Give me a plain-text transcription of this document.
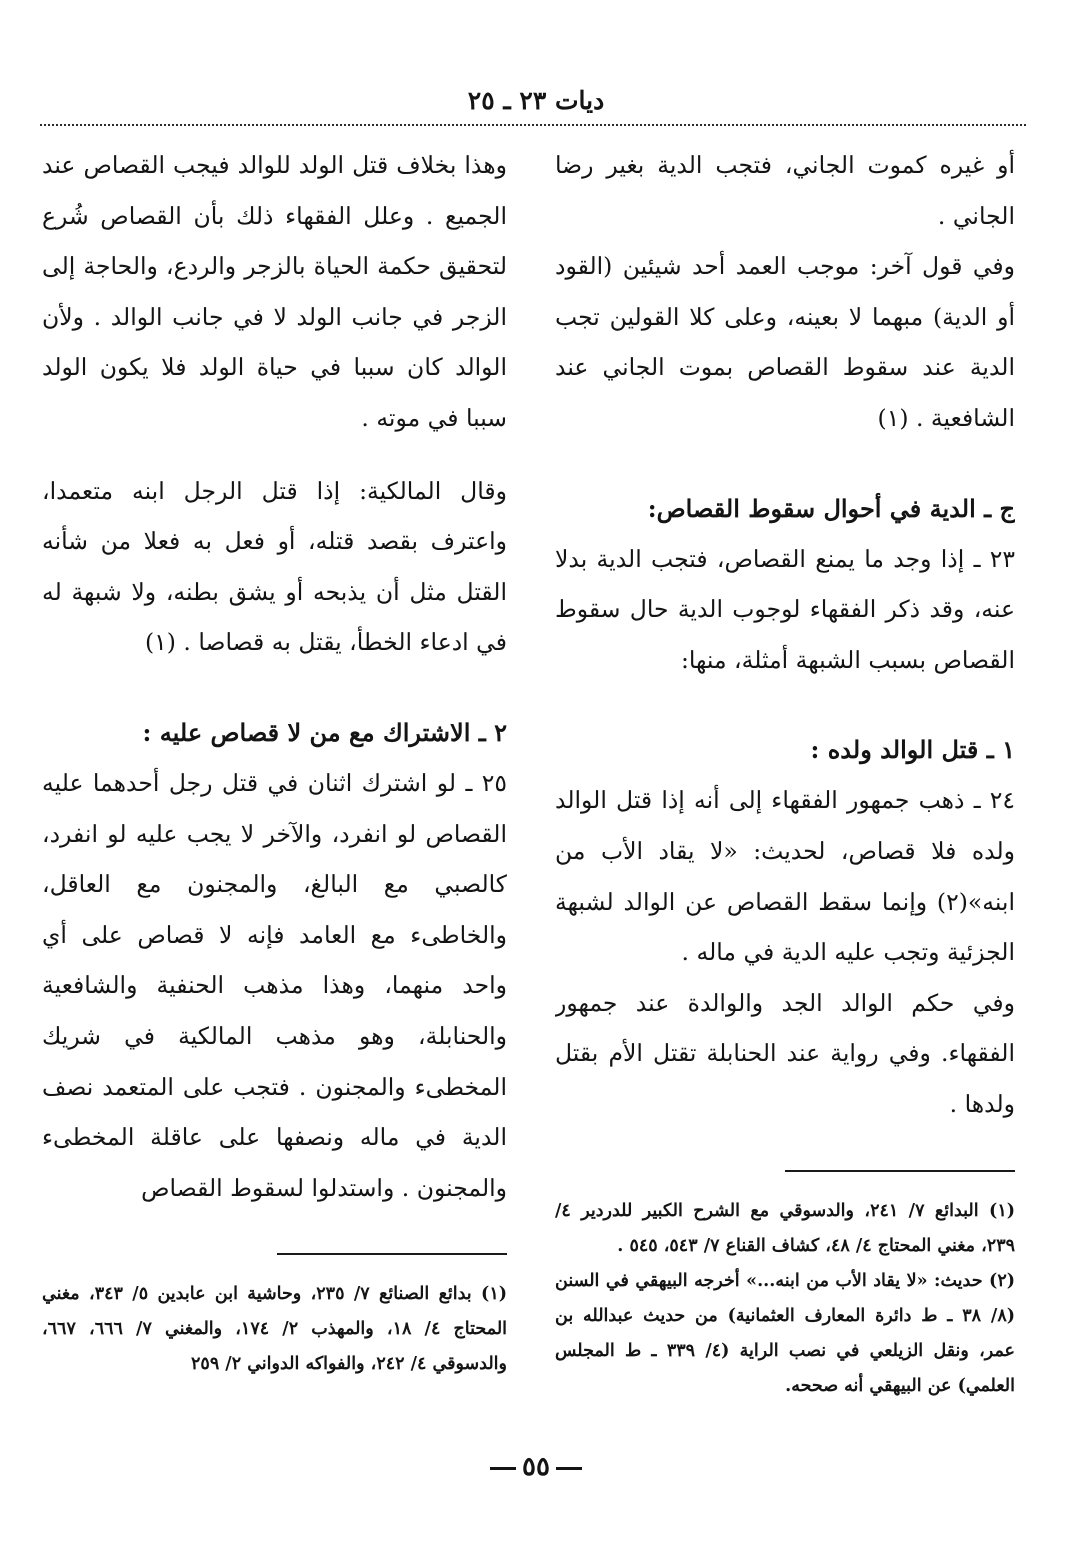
ديات ٢٣ ـ ٢٥

أو غيره كموت الجاني، فتجب الدية بغير رضا الجاني .

وفي قول آخر: موجب العمد أحد شيئين (القود أو الدية) مبهما لا بعينه، وعلى كلا القولين تجب الدية عند سقوط القصاص بموت الجاني عند الشافعية . (١)

ج ـ الدية في أحوال سقوط القصاص:

٢٣ ـ إذا وجد ما يمنع القصاص، فتجب الدية بدلا عنه، وقد ذكر الفقهاء لوجوب الدية حال سقوط القصاص بسبب الشبهة أمثلة، منها:

١ ـ قتل الوالد ولده :

٢٤ ـ ذهب جمهور الفقهاء إلى أنه إذا قتل الوالد ولده فلا قصاص، لحديث: «لا يقاد الأب من ابنه»(٢) وإنما سقط القصاص عن الوالد لشبهة الجزئية وتجب عليه الدية في ماله .

وفي حكم الوالد الجد والوالدة عند جمهور الفقهاء. وفي رواية عند الحنابلة تقتل الأم بقتل ولدها .

(١) البدائع ٧/ ٢٤١، والدسوقي مع الشرح الكبير للدردير ٤/ ٢٣٩، مغني المحتاج ٤/ ٤٨، كشاف القناع ٧/ ٥٤٣، ٥٤٥ .

(٢) حديث: «لا يقاد الأب من ابنه...» أخرجه البيهقي في السنن (٨/ ٣٨ ـ ط دائرة المعارف العثمانية) من حديث عبدالله بن عمر، ونقل الزيلعي في نصب الراية (٤/ ٣٣٩ ـ ط المجلس العلمي) عن البيهقي أنه صححه.

وهذا بخلاف قتل الولد للوالد فيجب القصاص عند الجميع . وعلل الفقهاء ذلك بأن القصاص شُرع لتحقيق حكمة الحياة بالزجر والردع، والحاجة إلى الزجر في جانب الولد لا في جانب الوالد . ولأن الوالد كان سببا في حياة الولد فلا يكون الولد سببا في موته .

وقال المالكية: إذا قتل الرجل ابنه متعمدا، واعترف بقصد قتله، أو فعل به فعلا من شأنه القتل مثل أن يذبحه أو يشق بطنه، ولا شبهة له في ادعاء الخطأ، يقتل به قصاصا . (١)

٢ ـ الاشتراك مع من لا قصاص عليه :

٢٥ ـ لو اشترك اثنان في قتل رجل أحدهما عليه القصاص لو انفرد، والآخر لا يجب عليه لو انفرد، كالصبي مع البالغ، والمجنون مع العاقل، والخاطىء مع العامد فإنه لا قصاص على أي واحد منهما، وهذا مذهب الحنفية والشافعية والحنابلة، وهو مذهب المالكية في شريك المخطىء والمجنون . فتجب على المتعمد نصف الدية في ماله ونصفها على عاقلة المخطىء والمجنون . واستدلوا لسقوط القصاص

(١) بدائع الصنائع ٧/ ٢٣٥، وحاشية ابن عابدين ٥/ ٣٤٣، مغني المحتاج ٤/ ١٨، والمهذب ٢/ ١٧٤، والمغني ٧/ ٦٦٦، ٦٦٧، والدسوقي ٤/ ٢٤٢، والفواكه الدواني ٢/ ٢٥٩

٥٥
